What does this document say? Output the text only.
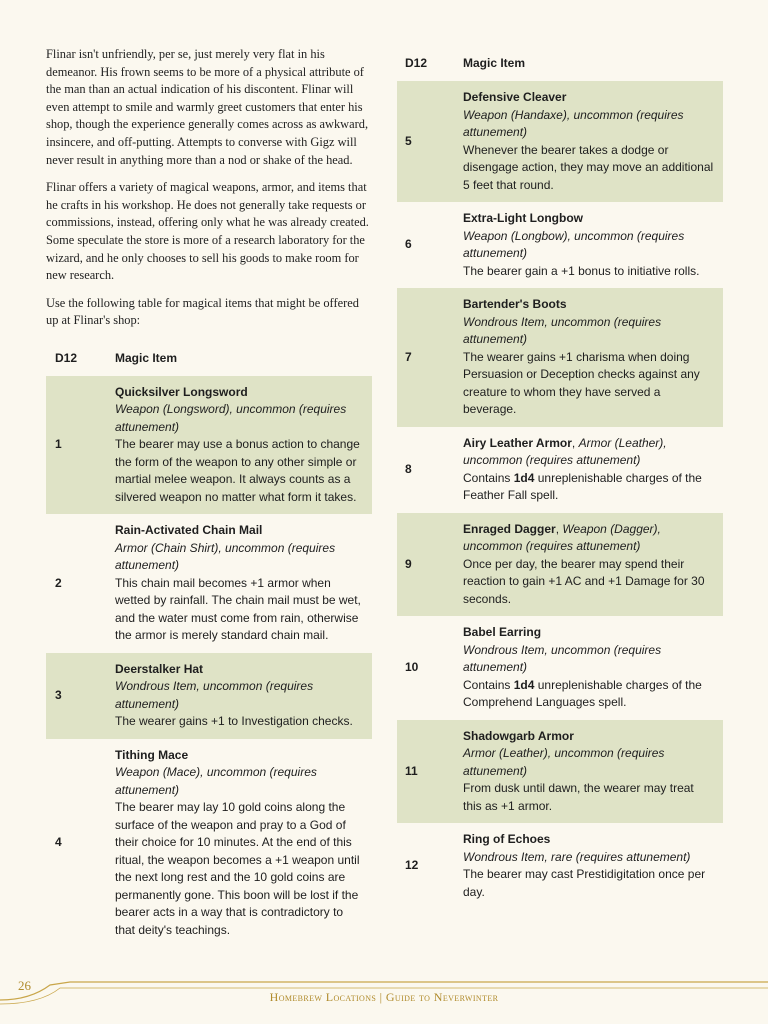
Flinar isn't unfriendly, per se, just merely very flat in his demeanor. His frown seems to be more of a physical attribute of the man than an actual indication of his discontent. Flinar will even attempt to smile and warmly greet customers that enter his shop, though the experience generally comes across as awkward, insincere, and off-putting. Attempts to converse with Gigz will never result in anything more than a nod or shake of the head.

Flinar offers a variety of magical weapons, armor, and items that he crafts in his workshop. He does not generally take requests or commissions, instead, offering only what he was already created. Some speculate the store is more of a research laboratory for the wizard, and he only chooses to sell his goods to make room for new research.

Use the following table for magical items that might be offered up at Flinar's shop:

D12	Magic Item
1	Quicksilver Longsword
Weapon (Longsword), uncommon (requires attunement)
The bearer may use a bonus action to change the form of the weapon to any other simple or martial melee weapon. It always counts as a silvered weapon no matter what form it takes.

2	Rain-Activated Chain Mail
Armor (Chain Shirt), uncommon (requires attunement)
This chain mail becomes +1 armor when wetted by rainfall. The chain mail must be wet, and the water must come from rain, otherwise the armor is merely standard chain mail.

3	Deerstalker Hat
Wondrous Item, uncommon (requires attunement)
The wearer gains +1 to Investigation checks.

4	Tithing Mace
Weapon (Mace), uncommon (requires attunement)
The bearer may lay 10 gold coins along the surface of the weapon and pray to a God of their choice for 10 minutes. At the end of this ritual, the weapon becomes a +1 weapon until the next long rest and the 10 gold coins are permanently gone. This boon will be lost if the bearer acts in a way that is contradictory to that deity's teachings.
D12	Magic Item
5	Defensive Cleaver
Weapon (Handaxe), uncommon (requires attunement)
Whenever the bearer takes a dodge or disengage action, they may move an additional 5 feet that round.

6	Extra-Light Longbow
Weapon (Longbow), uncommon (requires attunement)
The bearer gain a +1 bonus to initiative rolls.

7	Bartender's Boots
Wondrous Item, uncommon (requires attunement)
The wearer gains +1 charisma when doing Persuasion or Deception checks against any creature to whom they have served a beverage.

8	Airy Leather Armor, Armor (Leather), uncommon (requires attunement)
Contains 1d4 unreplenishable charges of the Feather Fall spell.

9	Enraged Dagger, Weapon (Dagger), uncommon (requires attunement)
Once per day, the bearer may spend their reaction to gain +1 AC and +1 Damage for 30 seconds.

10	Babel Earring
Wondrous Item, uncommon (requires attunement)
Contains 1d4 unreplenishable charges of the Comprehend Languages spell.

11	Shadowgarb Armor
Armor (Leather), uncommon (requires attunement)
From dusk until dawn, the wearer may treat this as +1 armor.

12	Ring of Echoes
Wondrous Item, rare (requires attunement)
The bearer may cast Prestidigitation once per day.
26
Homebrew Locations | Guide to Neverwinter
